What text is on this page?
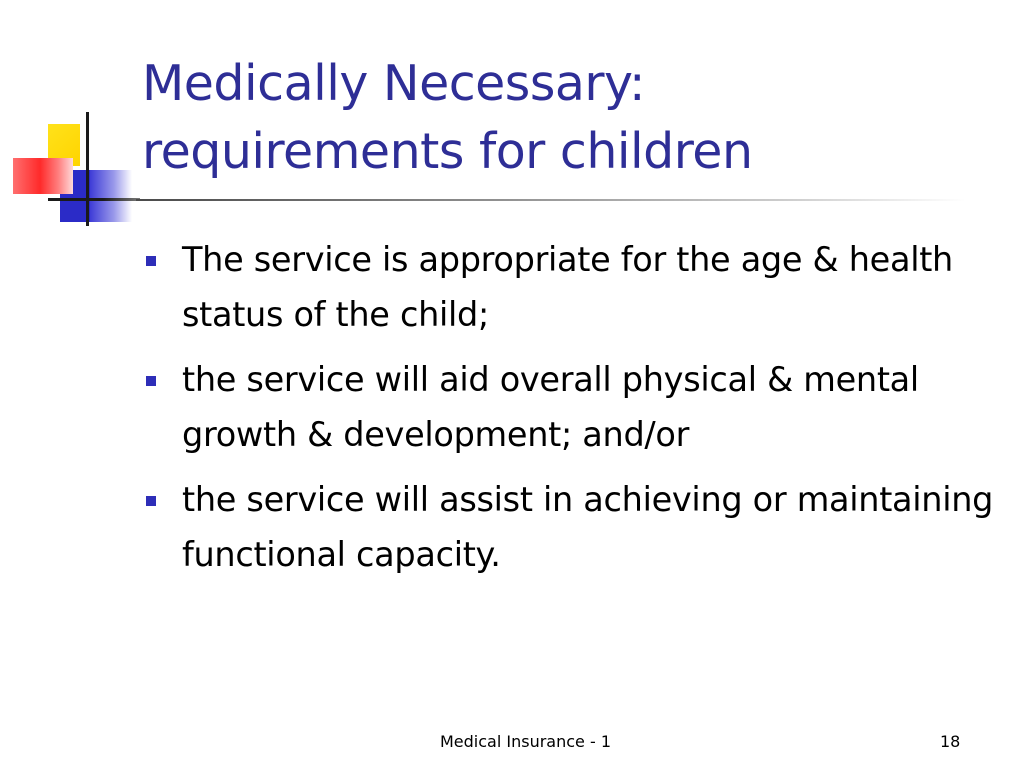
Medically Necessary:
requirements for children
The service is appropriate for the age & health status of the child;
the service will aid overall physical & mental growth & development; and/or
the service will assist in achieving or maintaining functional capacity.
Medical Insurance - 1	18
